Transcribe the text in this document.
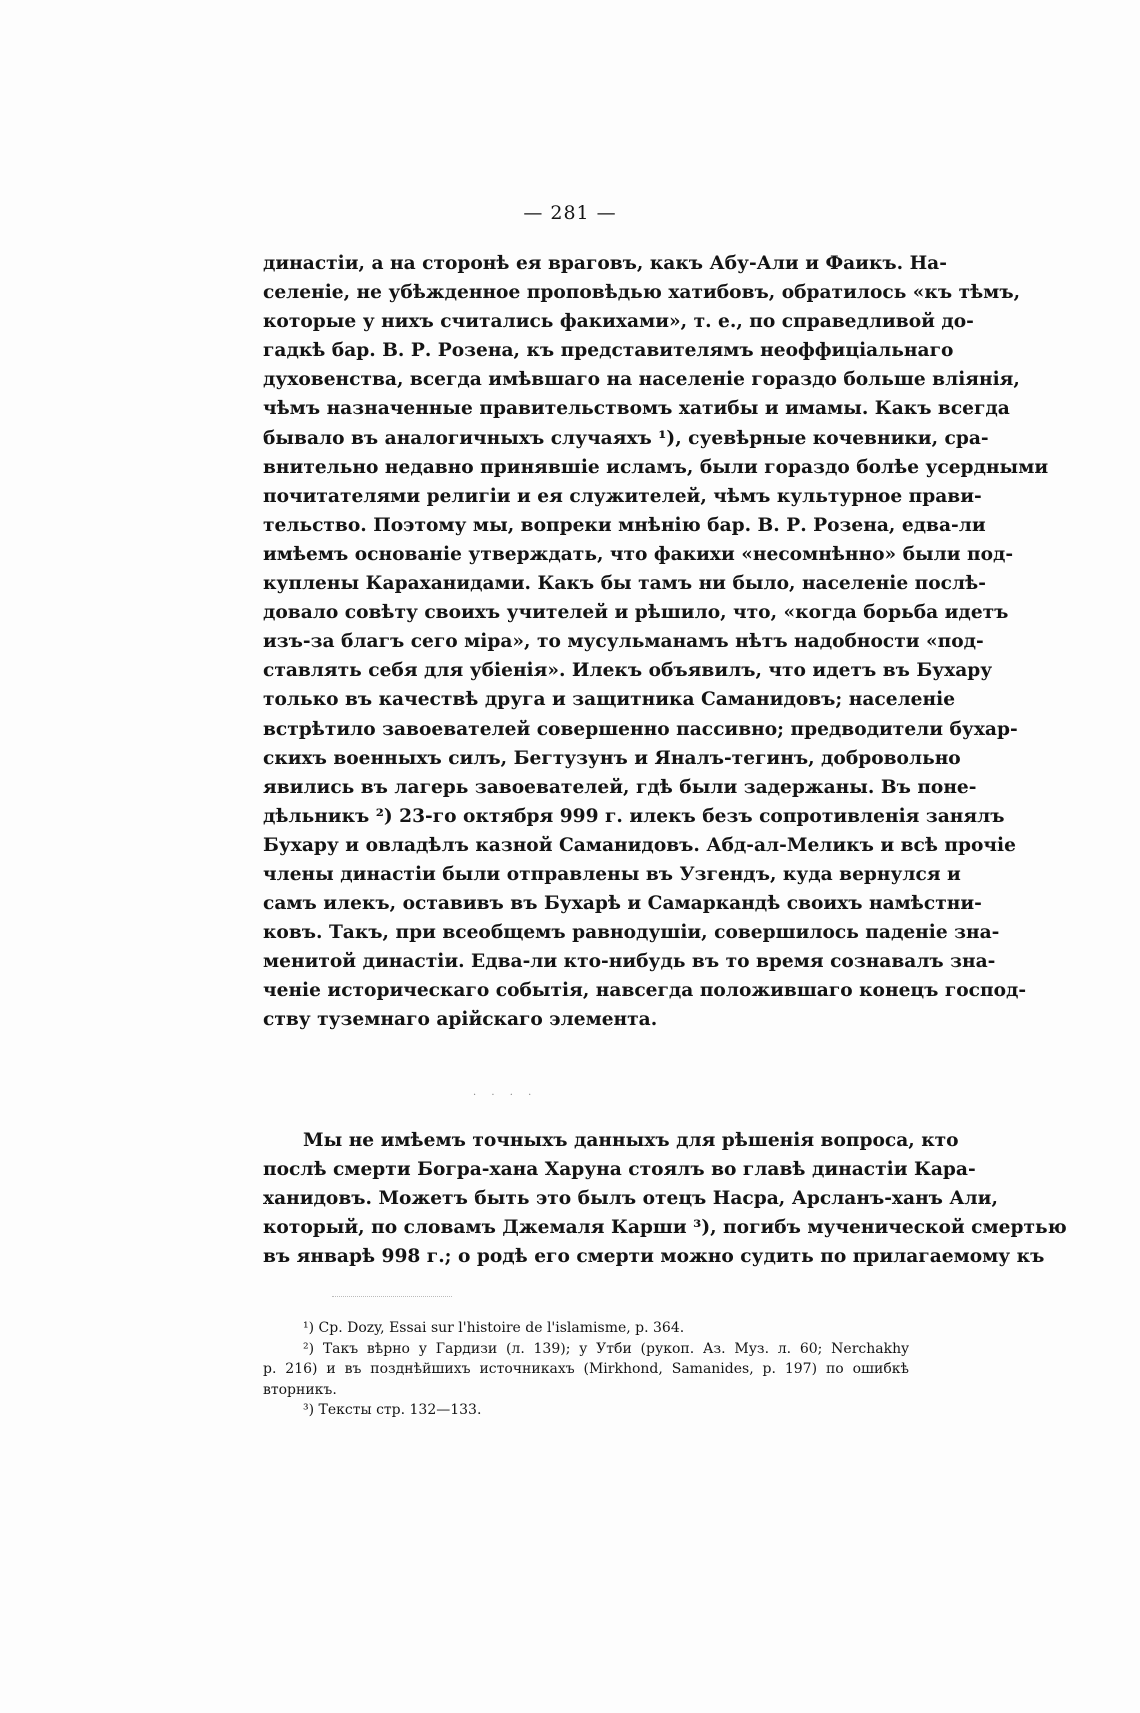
— 281 —
династіи, а на сторонѣ ея враговъ, какъ Абу-Али и Фаикъ. На-
селеніе, не убѣжденное проповѣдью хатибовъ, обратилось «къ тѣмъ,
которые у нихъ считались факихами», т. е., по справедливой до-
гадкѣ бар. В. Р. Розена, къ представителямъ неоффиціальнаго
духовенства, всегда имѣвшаго на населеніе гораздо больше вліянія,
чѣмъ назначенные правительствомъ хатибы и имамы. Какъ всегда
бывало въ аналогичныхъ случаяхъ ¹), суевѣрные кочевники, сра-
внительно недавно принявшіе исламъ, были гораздо болѣе усердными
почитателями религіи и ея служителей, чѣмъ культурное прави-
тельство. Поэтому мы, вопреки мнѣнію бар. В. Р. Розена, едва-ли
имѣемъ основаніе утверждать, что факихи «несомнѣнно» были под-
куплены Караханидами. Какъ бы тамъ ни было, населеніе послѣ-
довало совѣту своихъ учителей и рѣшило, что, «когда борьба идетъ
изъ-за благъ сего міра», то мусульманамъ нѣтъ надобности «под-
ставлять себя для убіенія». Илекъ объявилъ, что идетъ въ Бухару
только въ качествѣ друга и защитника Саманидовъ; населеніе
встрѣтило завоевателей совершенно пассивно; предводители бухар-
скихъ военныхъ силъ, Бегтузунъ и Яналъ-тегинъ, добровольно
явились въ лагерь завоевателей, гдѣ были задержаны. Въ поне-
дѣльникъ ²) 23-го октября 999 г. илекъ безъ сопротивленія занялъ
Бухару и овладѣлъ казной Саманидовъ. Абд-ал-Меликъ и всѣ прочіе
члены династіи были отправлены въ Узгендъ, куда вернулся и
самъ илекъ, оставивъ въ Бухарѣ и Самаркандѣ своихъ намѣстни-
ковъ. Такъ, при всеобщемъ равнодушіи, совершилось паденіе зна-
менитой династіи. Едва-ли кто-нибудь въ то время сознавалъ зна-
ченіе историческаго событія, навсегда положившаго конецъ господ-
ству туземнаго арійскаго элемента.
· · · ·
Мы не имѣемъ точныхъ данныхъ для рѣшенія вопроса, кто
послѣ смерти Богра-хана Харуна стоялъ во главѣ династіи Кара-
ханидовъ. Можетъ быть это былъ отецъ Насра, Арсланъ-ханъ Али,
который, по словамъ Джемаля Карши ³), погибъ мученической смертью
въ январѣ 998 г.; о родѣ его смерти можно судить по прилагаемому къ
¹) Cp. Dozy, Essai sur l'histoire de l'islamisme, p. 364.
²) Такъ вѣрно у Гардизи (л. 139); у Утби (рукоп. Аз. Муз. л. 60; Nerchakhy
p. 216) и въ позднѣйшихъ источникахъ (Mirkhond, Samanides, p. 197) по ошибкѣ
вторникъ.
³) Тексты стр. 132—133.
